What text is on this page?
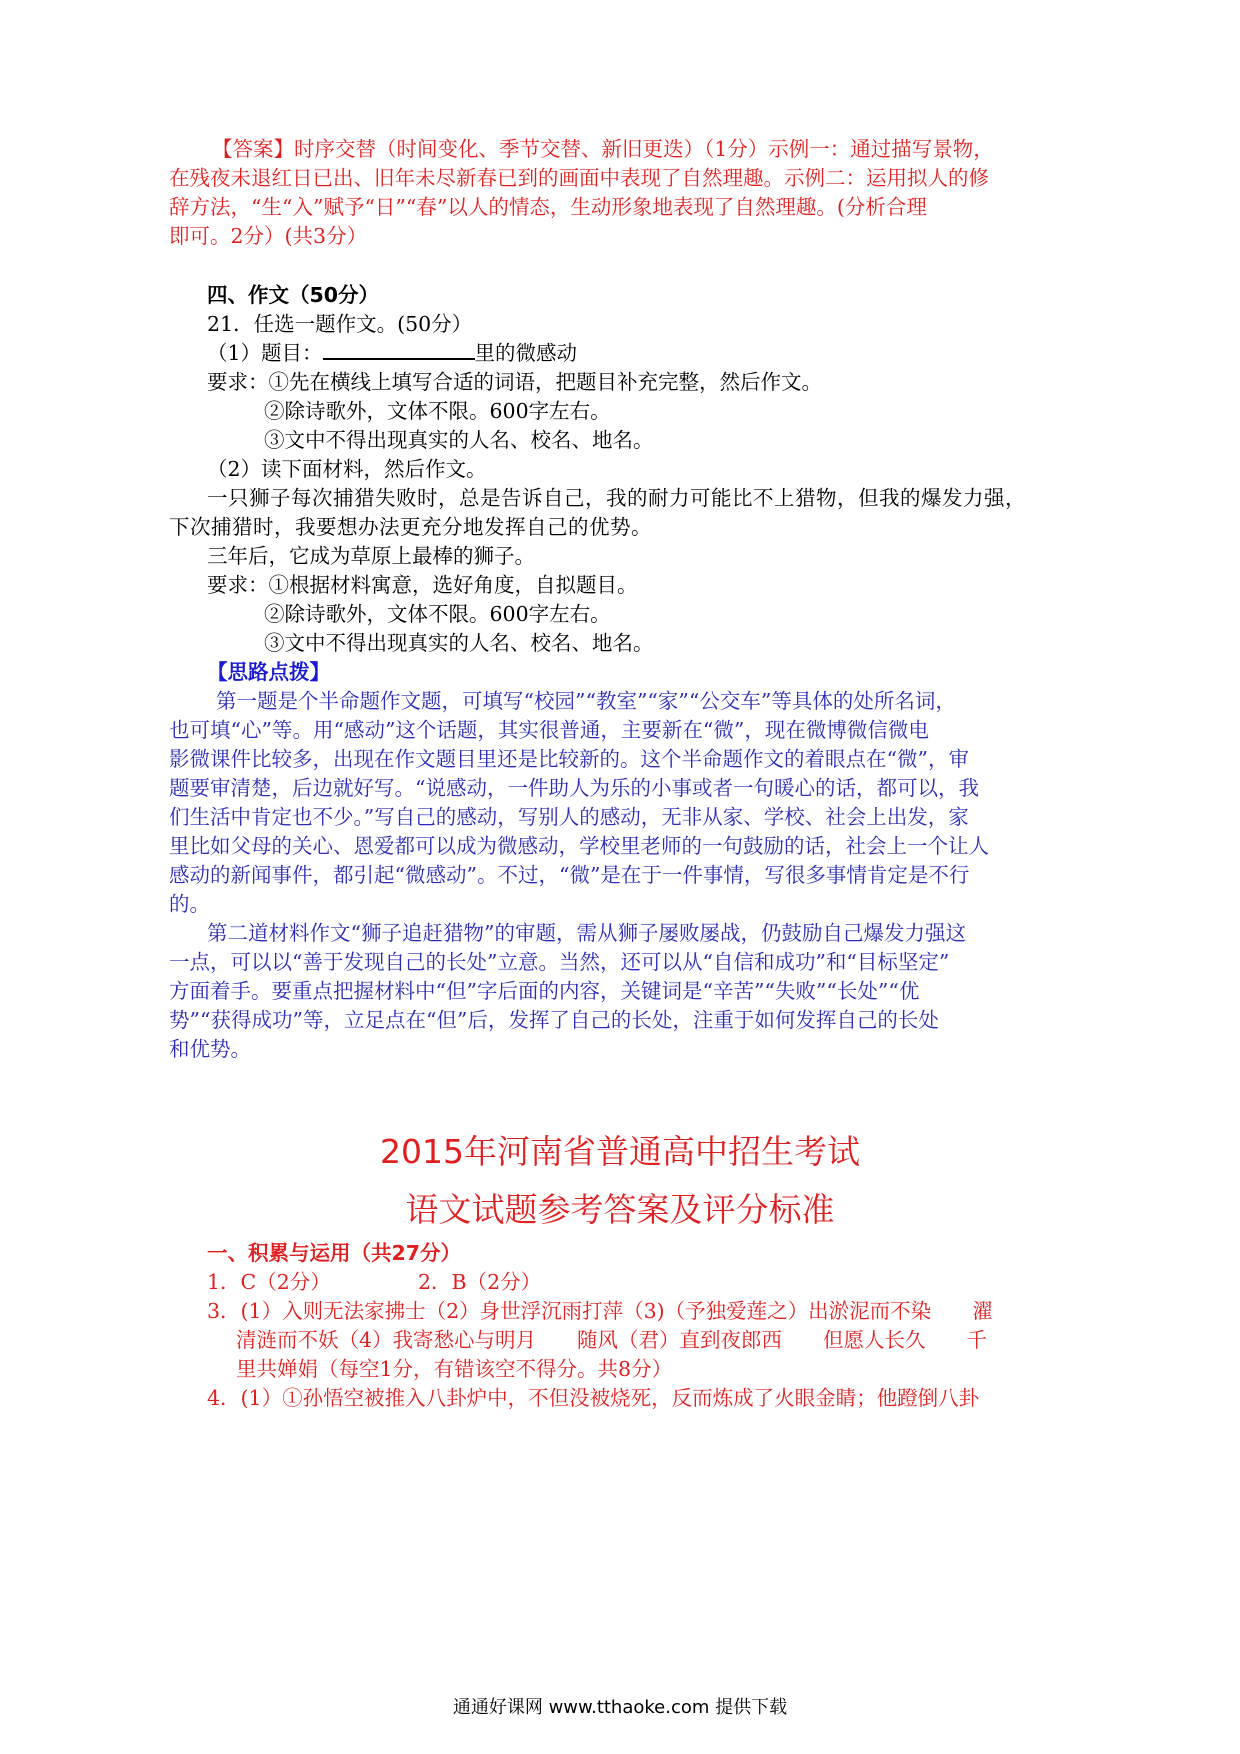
【答案】时序交替（时间变化、季节交替、新旧更迭）（1分）示例一：通过描写景物，
在残夜未退红日已出、旧年未尽新春已到的画面中表现了自然理趣。示例二：运用拟人的修
辞方法，“生“入”赋予“日”“春”以人的情态，生动形象地表现了自然理趣。(分析合理
即可。2分）(共3分）
四、作文（50分）
21．任选一题作文。(50分）
（1）题目：	里的微感动
要求：①先在横线上填写合适的词语，把题目补充完整，然后作文。
②除诗歌外，文体不限。600字左右。
③文中不得出现真实的人名、校名、地名。
（2）读下面材料，然后作文。
一只狮子每次捕猎失败时，总是告诉自己，我的耐力可能比不上猎物，但我的爆发力强，
下次捕猎时，我要想办法更充分地发挥自己的优势。
三年后，它成为草原上最棒的狮子。
要求：①根据材料寓意，选好角度，自拟题目。
②除诗歌外，文体不限。600字左右。
③文中不得出现真实的人名、校名、地名。
【思路点拨】
第一题是个半命题作文题，可填写“校园”“教室”“家”“公交车”等具体的处所名词，
也可填“心”等。用“感动”这个话题，其实很普通，主要新在“微”，现在微博微信微电
影微课件比较多，出现在作文题目里还是比较新的。这个半命题作文的着眼点在“微”，审
题要审清楚，后边就好写。“说感动，一件助人为乐的小事或者一句暖心的话，都可以，我
们生活中肯定也不少。”写自己的感动，写别人的感动，无非从家、学校、社会上出发，家
里比如父母的关心、恩爱都可以成为微感动，学校里老师的一句鼓励的话，社会上一个让人
感动的新闻事件，都引起“微感动”。不过，“微”是在于一件事情，写很多事情肯定是不行
的。
第二道材料作文“狮子追赶猎物”的审题，需从狮子屡败屡战，仍鼓励自己爆发力强这
一点，可以以“善于发现自己的长处”立意。当然，还可以从“自信和成功”和“目标坚定”
方面着手。要重点把握材料中“但”字后面的内容，关键词是“辛苦”“失败”“长处”“优
势”“获得成功”等，立足点在“但”后，发挥了自己的长处，注重于如何发挥自己的长处
和优势。
2015年河南省普通高中招生考试
语文试题参考答案及评分标准
一、积累与运用（共27分）
1．C（2分）	2．B（2分）
3．(1）入则无法家拂士（2）身世浮沉雨打萍（3)（予独爱莲之）出淤泥而不染　　濯
清涟而不妖（4）我寄愁心与明月　　随风（君）直到夜郎西　　但愿人长久　　千
里共婵娟（每空1分，有错该空不得分。共8分）
4．(1）①孙悟空被推入八卦炉中，不但没被烧死，反而炼成了火眼金睛；他蹬倒八卦
通通好课网 www.tthaoke.com 提供下载
